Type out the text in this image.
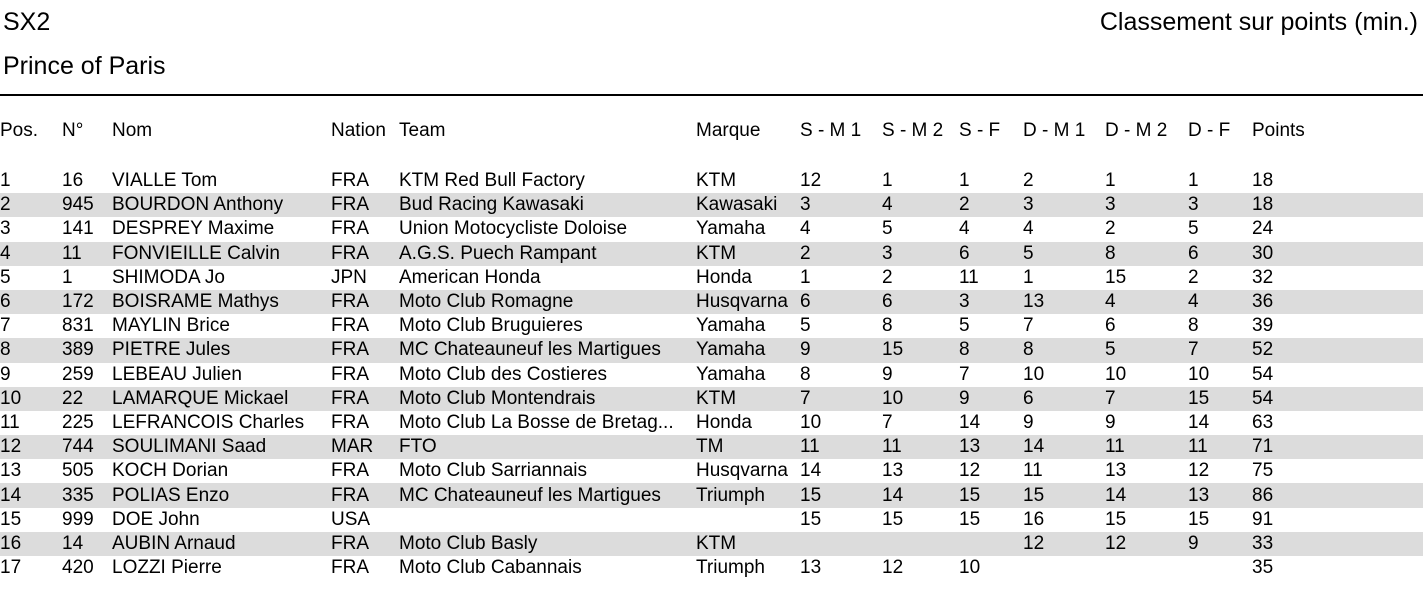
SX2
Prince of Paris
Classement sur points (min.)
Pos.	N°	Nom	Nation	Team	Marque	S - M 1	S - M 2	S - F	D - M 1	D - M 2	D - F	Points

1	16	VIALLE Tom	FRA	KTM Red Bull Factory	KTM	12	1	1	2	1	1	18
2	945	BOURDON Anthony	FRA	Bud Racing Kawasaki	Kawasaki	3	4	2	3	3	3	18
3	141	DESPREY Maxime	FRA	Union Motocycliste Doloise	Yamaha	4	5	4	4	2	5	24
4	11	FONVIEILLE Calvin	FRA	A.G.S. Puech Rampant	KTM	2	3	6	5	8	6	30
5	1	SHIMODA Jo	JPN	American Honda	Honda	1	2	11	1	15	2	32
6	172	BOISRAME Mathys	FRA	Moto Club Romagne	Husqvarna	6	6	3	13	4	4	36
7	831	MAYLIN Brice	FRA	Moto Club Bruguieres	Yamaha	5	8	5	7	6	8	39
8	389	PIETRE Jules	FRA	MC Chateauneuf les Martigues	Yamaha	9	15	8	8	5	7	52
9	259	LEBEAU Julien	FRA	Moto Club des Costieres	Yamaha	8	9	7	10	10	10	54
10	22	LAMARQUE Mickael	FRA	Moto Club Montendrais	KTM	7	10	9	6	7	15	54
11	225	LEFRANCOIS Charles	FRA	Moto Club La Bosse de Bretag...	Honda	10	7	14	9	9	14	63
12	744	SOULIMANI Saad	MAR	FTO	TM	11	11	13	14	11	11	71
13	505	KOCH Dorian	FRA	Moto Club Sarriannais	Husqvarna	14	13	12	11	13	12	75
14	335	POLIAS Enzo	FRA	MC Chateauneuf les Martigues	Triumph	15	14	15	15	14	13	86
15	999	DOE John	USA			15	15	15	16	15	15	91
16	14	AUBIN Arnaud	FRA	Moto Club Basly	KTM				12	12	9	33
17	420	LOZZI Pierre	FRA	Moto Club Cabannais	Triumph	13	12	10				35
